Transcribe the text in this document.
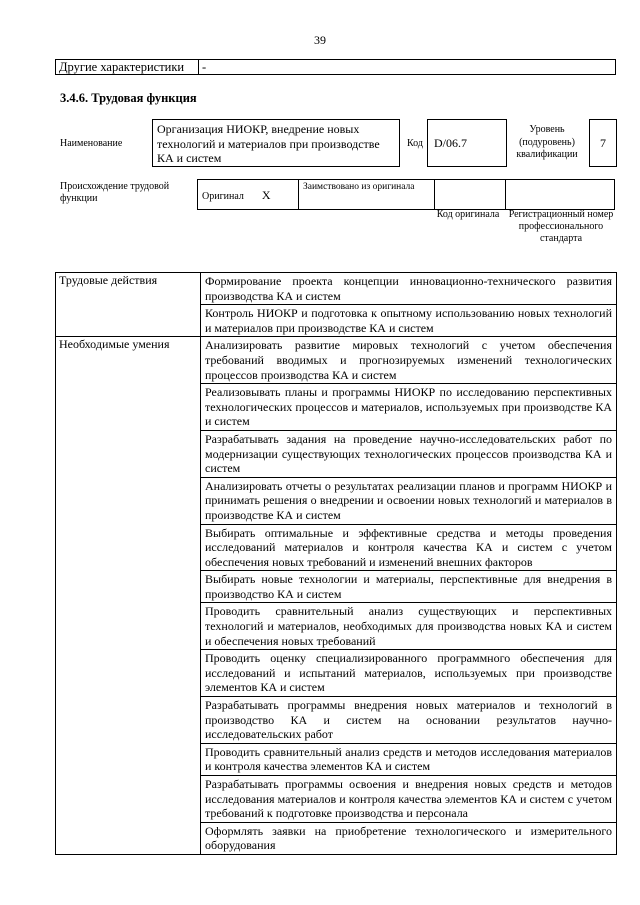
39
Другие характеристики	-
3.4.6. Трудовая функция
Наименование
Организация НИОКР, внедрение новых технологий и материалов при производстве КА и систем
Код D/06.7
Уровень (подуровень) квалификации
7
Происхождение трудовой функции	Оригинал X	Заимствовано из оригинала		
Код оригинала Регистрационный номер профессионального стандарта
Трудовые действия	Формирование проекта концепции инновационно-технического развития производства КА и систем
	Контроль НИОКР и подготовка к опытному использованию новых технологий и материалов при производстве КА и систем
Необходимые умения	Анализировать развитие мировых технологий с учетом обеспечения требований вводимых и прогнозируемых изменений технологических процессов производства КА и систем
	Реализовывать планы и программы НИОКР по исследованию перспективных технологических процессов и материалов, используемых при производстве КА и систем
	Разрабатывать задания на проведение научно-исследовательских работ по модернизации существующих технологических процессов производства КА и систем
	Анализировать отчеты о результатах реализации планов и программ НИОКР и принимать решения о внедрении и освоении новых технологий и материалов в производстве КА и систем
	Выбирать оптимальные и эффективные средства и методы проведения исследований материалов и контроля качества КА и систем с учетом обеспечения новых требований и изменений внешних факторов
	Выбирать новые технологии и материалы, перспективные для внедрения в производство КА и систем
	Проводить сравнительный анализ существующих и перспективных технологий и материалов, необходимых для производства новых КА и систем и обеспечения новых требований
	Проводить оценку специализированного программного обеспечения для исследований и испытаний материалов, используемых при производстве элементов КА и систем
	Разрабатывать программы внедрения новых материалов и технологий в производство КА и систем на основании результатов научно-исследовательских работ
	Проводить сравнительный анализ средств и методов исследования материалов и контроля качества элементов КА и систем
	Разрабатывать программы освоения и внедрения новых средств и методов исследования материалов и контроля качества элементов КА и систем с учетом требований к подготовке производства и персонала
	Оформлять заявки на приобретение технологического и измерительного оборудования
